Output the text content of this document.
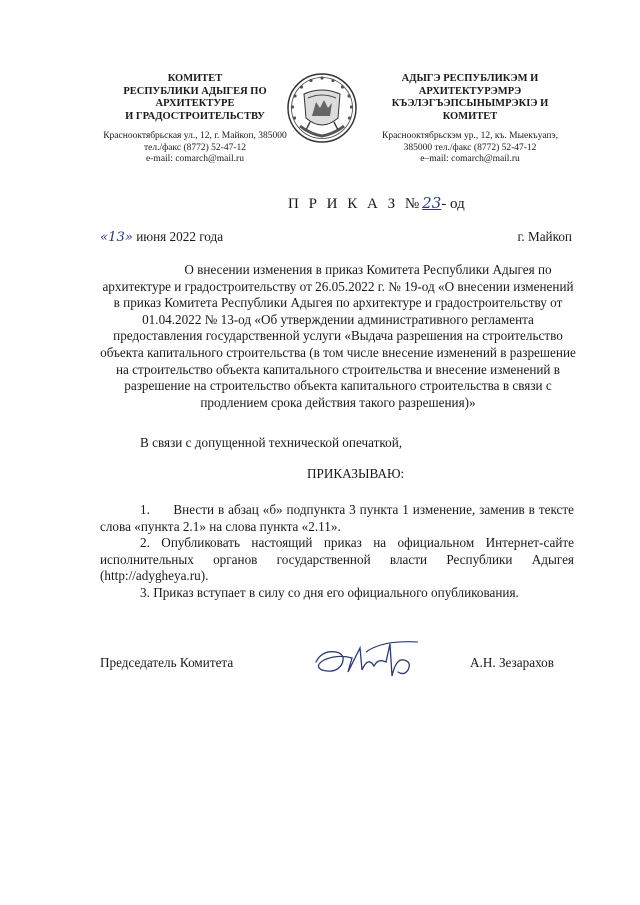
КОМИТЕТ
РЕСПУБЛИКИ АДЫГЕЯ ПО
АРХИТЕКТУРЕ
И ГРАДОСТРОИТЕЛЬСТВУ
Краснооктябрьская ул., 12, г. Майкоп, 385000
тел./факс (8772) 52-47-12
e-mail: comarch@mail.ru
АДЫГЭ РЕСПУБЛИКЭМ И
АРХИТЕКТУРЭМРЭ
КЪЭЛЭГЪЭПСЫНЫМРЭКIЭ И
КОМИТЕТ
Краснооктябрьскэм ур., 12, къ. Мыекъуапэ,
385000 тел./факс (8772) 52-47-12
e–mail: comarch@mail.ru
П Р И К А З №23- од
«13» июня 2022 года	г. Майкоп
О внесении изменения в приказ Комитета Республики Адыгея по архитектуре и градостроительству от 26.05.2022 г. № 19-од «О внесении изменений в приказ Комитета Республики Адыгея по архитектуре и градостроительству от 01.04.2022 № 13-од «Об утверждении административного регламента предоставления государственной услуги «Выдача разрешения на строительство объекта капитального строительства (в том числе внесение изменений в разрешение на строительство объекта капитального строительства и внесение изменений в разрешение на строительство объекта капитального строительства в связи с продлением срока действия такого разрешения)»
В связи с допущенной технической опечаткой,
ПРИКАЗЫВАЮ:
1.      Внести в абзац «б» подпункта 3 пункта 1 изменение, заменив в тексте слова «пункта 2.1» на слова пункта «2.11».
2. Опубликовать настоящий приказ на официальном Интернет-сайте исполнительных органов государственной власти Республики Адыгея (http://adygheya.ru).
3. Приказ вступает в силу со дня его официального опубликования.
Председатель Комитета	А.Н. Зезарахов
